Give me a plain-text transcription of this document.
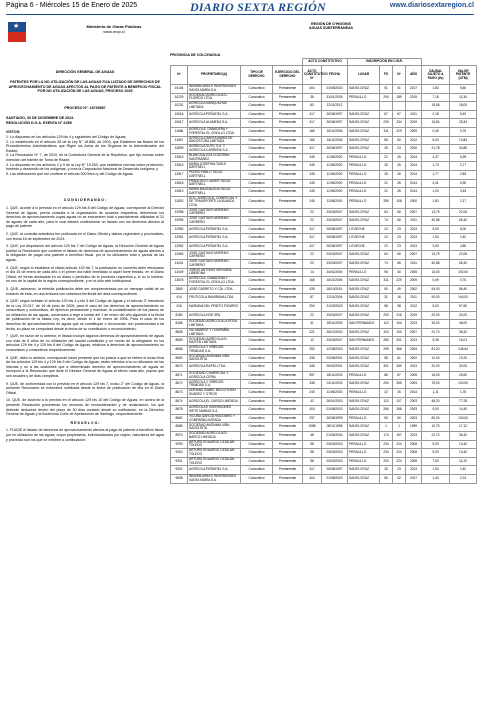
Página 6 - Miércoles 15 de Enero de 2025	DIARIO SEXTA REGIÓN	www.diariosextaregion.cl
★	Ministerio de Obras Públicas
www.mop.cl
DIRECCIÓN GENERAL DE AGUAS
PATENTES POR LA NO UTILIZACIÓN DE LAS AGUAS FIJA LISTADO DE DERECHOS DE APROVECHAMIENTO DE AGUAS AFECTOS AL PAGO DE PATENTE A BENEFICIO FISCAL POR NO UTILIZACIÓN DE LAS AGUAS, PROCESO 2025
PROCESO N°: 18735987
SANTIAGO, 30 DE DICIEMBRE DE 2024.
RESOLUCIÓN D.G.A. EXENTA N° 4155/
VISTOS:
1. Lo dispuesto en los artículos 129 bis 4 y siguientes del Código de Aguas;
2. Lo establecido en el artículo 25 de la Ley N° 18.880, de 2003, que Establece las Bases de los Procedimientos Administrativos que Rigen los Actos de los Órganos de la Administración del Estado;
3. La Resolución N° 7, de 2019, de la Contraloría General de la República, que fija normas sobre exención del trámite de Toma de Razón;
4. Lo dispuesto en los artículos 2 y 9 de la Ley N° 19.253, que establece normas sobre protección, fomento y desarrollo de los indígenas, y crea la Corporación Nacional de Desarrollo Indígena; y
5. Las atribuciones que me confiere el artículo 300 letra c) del Código de Aguas.
C O N S I D E R A N D O :
1. QUE, acorde a lo previsto en el artículo 129 bis 8 del Código de Aguas, corresponde al Director General de Aguas, previa consulta a la organización de usuarios respectiva, determinar los derechos de aprovechamiento cuyas aguas no se encuentren total o parcialmente utilizadas al 31 de agosto de cada año, para lo cual deberá confeccionar un listado con los derechos afectos al pago de patente.
2. QUE, la consulta antedicha fue publicada en el Diario Oficial y diarios regionales y provinciales, con fecha 16 de septiembre de 2024.
3. QUE, por disposición del artículo 129 bis 7 del Código de Aguas, la Dirección General de Aguas publicó la Resolución que contiene el listado de derechos de aprovechamiento de aguas afectos a la obligación de pagar una patente a beneficio fiscal, por la no utilización total o parcial de las aguas.
4. QUE, según lo establece el citado artículo 129 bis 7, la publicación en comento debe efectuarse el día 15 de enero de cada año o el primer día hábil inmediato si aquél fuere feriado, en el Diario Oficial, en forma destacada en un diario o periódico de la provincia respectiva y, si no lo hubiere, en uno de la capital de la región correspondiente, y en el sitio web institucional.
5. QUE, asimismo, la referida publicación debe ser complementada por un mensaje radial de un extracto de ésta, en una emisora con cobertura territorial del área correspondiente.
6. QUE, según señalan el artículo 129 bis 4 y bis 5 del Código de Aguas y el artículo 3° transitorio de la Ley 20.017, de 16 de junio de 2005, para el caso de los derechos de aprovechamiento no consuntivos y consuntivos, de ejercicio permanente y eventual, la contabilización de los plazos de no utilización de las aguas, comenzará a regir a contar del 1 de enero del año siguiente a la fecha de publicación de la citada Ley, es decir, desde el 1 de enero de 2006. Para el caso de los derechos de aprovechamiento de aguas que se constituyan o reconozcan con posterioridad a tal fecha, su plazo se computará desde la fecha de su constitución o reconocimiento.
7. QUE, en razón de lo anterior, el listado incluye algunos derechos de aprovechamiento de aguas con más de 5 años de no utilización del caudal constituido y un monto de la obligación en los artículos 129 bis 4 y 129 bis 5 del Código de Aguas, relativos a derechos de aprovechamiento no consuntivos y consuntivos respectivamente.
8. QUE, dicho lo anterior, corresponde hacer presente que los plazos a que se refiere el inciso final de los artículos 129 bis 4 y 129 bis 5 del Código de Aguas, están referidos a la no utilización de las mismas y no a las ocasiones que a determinado derecho de aprovechamiento de aguas se incorporó a la Resolución que dicte el Director General de Aguas al efecto cada año, plazos que son anuales y de días completos.
9. QUE, de conformidad con lo previsto en el artículo 129 bis 7, inciso 2° del Código de Aguas, la presente Resolución se entenderá notificada desde la fecha de publicación de ella en el Diario Oficial.
10. QUE, de acuerdo a lo previsto en el artículo 129 bis 10 del Código de Aguas, en contra de la presente Resolución procederán los recursos de reconsideración y de reclamación, los que deberán deducirse dentro del plazo de 30 días contado desde su notificación, en la Dirección General de Aguas y la Ilustrísima Corte de Apelaciones de Santiago, respectivamente.
R E S U E L V O :
1. FÍJASE el listado de derechos de aprovechamiento afectos al pago de patente a beneficio fiscal, por no utilización de las aguas, cuyos propietarios, individualizados por región, naturaleza del agua y provincia son los que se exhiben a continuación:
REGIÓN DE O'HIGGINS
AGUAS SUBTERRÁNEAS
PROVINCIA DE COLCHAGUA
				ACTO CONSTITUTIVO		INSCRIPCIÓN EN C.B.R.					
Nº	PROPIETARIO(A)	TIPO DE DERECHO	EJERCICIO DEL DERECHO	ACTO CONSTITUTIVO Nº	FECHA	LUGAR	FS	Nº	AÑO	CAUDAL SUJETO A PAGO (l/s)	VALOR PATENTE (UTM)
10104	INMOBILIARIA E INVERSIONES SANTA MARÍA S.A.	Consuntivo	Permanente	404	01/08/2003	SANTA CRUZ	51	41	2017	1,80	5,60
10229	SOCIEDAD AGRÍCOLA EL FLORIDO LTDA.	Consuntivo	Permanente	36	31/01/2005	PERALILLO	294	189	2015	7,18	11,34
10231	AGRÍCOLA NANQUILHUE LIMITADA	Consuntivo	Permanente	83	12/11/2012					15,58	18,00
10616	AGRÍCOLA PEÑAFIEL S.A.	Consuntivo	Permanente	417	26/08/1997	SANTA CRUZ	67	67	2011	2,18	5,49
10617	AGRÍCOLA ALAMEDA S.A.	Consuntivo	Permanente	417	26/08/1997	SANTA CRUZ	239	234	2019	15,84	25,34
11666	AGRÍCOLA, GANADERA Y FORESTAL EL CRIOLLO LTDA.	Consuntivo	Permanente	166	16/11/2006	SANTA CRUZ	311	229	2009	0,49	0,76
11567	AGRÍCOLA SANTA MARÍA DE ANGOSTURA LIMITADA	Consuntivo	Permanente	166	16/11/2006	SANTA CRUZ	85	60	2012	6,00	10,84
12809	AGRÍCOLA SUTIL S.A. Y AGRÍCOLA CARRERA S.A.	Consuntivo	Permanente	417	26/08/1997	SANTA CRUZ	25	24	2020	21,78	34,85
12815	BLANCA ALICIA CODORNA SANTIBÁÑEZ	Consuntivo	Permanente	245	11/06/2000	PERALILLO	22	26	2014	4,37	6,99
12816	MARÍA JOSEFINA TAGLE DARTNELL	Consuntivo	Permanente	245	11/06/2000	PERALILLO	25	26	2014	1,73	2,77
12817	PEDRO PABLO TAGLE DARTNELL	Consuntivo	Permanente	245	11/06/2000	PERALILLO	25	26	2014	1,77	2,83
12818	FRANCISCO JAVIER TAGLE DARTNELL	Consuntivo	Permanente	245	11/06/2000	PERALILLO	22	26	2014	4,31	6,90
12819	MARÍA MAGDALENA TAGLE DARTNELL	Consuntivo	Permanente	245	11/06/2000	PERALILLO	22	26	2014	1,20	3,53
12820	SOC. AGRÍCOLA, COMERCIAL Y DE TRANSPORTE LA BLANCA LTDA.	Consuntivo	Permanente	245	11/06/2000	PERALILLO	289	108	2000	1,82	2,17
12958	JOSÉ GUSTAVO MORENO CARREÑO	Consuntivo	Permanente	22	23/03/2007	SANTA CRUZ	64	66	2007	13,79	22,06
12959	JOSÉ GUSTAVO MORENO CARREÑO	Consuntivo	Permanente	22	23/03/2007	SANTA CRUZ	74	66	2011	40,88	65,40
12960	AGRÍCOLA PEÑAFIEL S.A.	Consuntivo	Permanente	417	26/08/1997	LITUECHE	23	23	2013	5,00	8,00
12961	AGRÍCOLA PEÑAFIEL S.A.	Consuntivo	Permanente	417	26/08/1997	LITUECHE	23	23	2013	1,50	2,40
12962	AGRÍCOLA PEÑAFIEL S.A.	Consuntivo	Permanente	417	26/08/1997	LITUECHE	23	23	2013	3,00	4,80
12963	JOSÉ GUSTAVO MORENO CARREÑO	Consuntivo	Permanente	22	23/03/2007	SANTA CRUZ	64	66	2007	13,79	22,06
13441	JOSÉ GUSTAVO MORENO CARREÑO	Consuntivo	Permanente	22	23/03/2007	SANTA CRUZ	74	66	2011	40,88	65,40
13449	JORGE ANTONIO VERGARA LIBERONA	Consuntivo	Permanente	14	24/01/2004	PERALILLO	96	40	2005	15,00	192,00
13878	AGRÍCOLA, GANADERA Y FORESTAL EL CRIOLLO LTDA.	Consuntivo	Permanente	166	16/11/2006	SANTA CRUZ	311	229	2009	0,49	0,76
2865	JOSÉ CARRETO Y CÍA. LTDA.	Consuntivo	Permanente	439	18/10/2001	SANTA CRUZ	50	49	2002	54,00	86,40
414	FRUTICOLA RAMIRANA LTDA.	Consuntivo	Permanente	87	12/11/2004	SANTA CRUZ	31	16	2011	90,00	144,00
416	MARIANA DEL PRIETO PIZARRO	Consuntivo	Permanente	254	21/03/2003	SANTA CRUZ	58	58	2012	5,00	57,60
8180	AGRÍCOLA HGE SPA.	Consuntivo	Permanente	22	23/03/2007	SANTA CRUZ	292	216	2019	20,00	32,00
8186	SOCIEDAD AGRÍCOLA LA ROSA LIMITADA	Consuntivo	Permanente	31	18/11/2009	SAN FERNANDO	113	104	2013	30,00	48,00
8658	VIU MANENT Y COMPAÑÍA LIMITADA	Consuntivo	Permanente	221	26/12/2000	SANTA CRUZ	103	100	2007	22,70	36,32
8659	SOCIEDAD AGRÍCOLA EL MAITÉN LIMITADA	Consuntivo	Permanente	12	23/03/2007	SAN FERNANDO	283	301	2013	9,38	15,01
8668	AGRÍCOLA Y VIÑEDOS TRINIDAD S.A.	Consuntivo	Permanente	252	12/08/2003	SANTA CRUZ	295	366	2004	81,20	136,64
8669	SOCIEDAD ANÓNIMA VIÑA SANTA RITA	Consuntivo	Permanente	338	02/08/2001	SANTA CRUZ	58	61	2002	12,00	19,20
8670	AGRÍCOLA RAPEL LTDA.	Consuntivo	Permanente	348	26/02/2001	SANTA CRUZ	301	269	2013	20,00	32,00
8671	SOCIEDAD COMERCIAL Y AGRÍCOLA CEPAL	Consuntivo	Permanente	597	18/11/2003	PERALILLO	86	87	2005	16,00	25,60
8672	AGRÍCOLA Y VIÑEDOS TRINIDAD S.A.	Consuntivo	Permanente	338	01/11/2003	SANTA CRUZ	294	265	2004	75,00	120,00
8673	ADRIANA ISABEL BEZCZYNSKI SUÁREZ Y OTROS	Consuntivo	Permanente	245	11/06/2003	PERALILLO	22	26	2014	1,11	1,78
8674	AGRÍCOLA EL CARDO LIMITADA	Consuntivo	Permanente	42	26/01/2003	SANTA CRUZ	113	107	2003	48,20	77,28
8678	AGRÍCOLA E INVERSIONES SIETE MARÍAS S.A.	Consuntivo	Permanente	404	01/08/2003	SANTA CRUZ	266	266	2003	9,00	14,40
8682	VICUÑA GARCÍA HUIDOBRO Y COMPAÑÍA LIMITADA	Consuntivo	Permanente	297	26/08/1999	PERALILLO	50	50	2003	80,00	130,00
8685	SOCIEDAD ANÓNIMA VIÑA SANTA RITA	Consuntivo	Permanente	1088	08/11/1998	SANTA CRUZ	1	1	1999	10,70	17,12
8970	SOCIEDAD AGRÍCOLA EL BARCO LIMITADA	Consuntivo	Permanente	48	01/06/2004	SANTA CRUZ	174	157	2013	22,70	36,32
9299	ARTURO EDUARDO CATALÁN TOLEDO	Consuntivo	Permanente	58	03/03/2003	PERALILLO	234	224	2008	9,00	14,40
9300	ARTURO EDUARDO CATALÁN TOLEDO	Consuntivo	Permanente	58	03/03/2003	PERALILLO	234	224	2008	9,00	14,40
9301	ARTURO EDUARDO CATALÁN TOLEDO	Consuntivo	Permanente	58	03/03/2003	PERALILLO	234	224	2008	7,00	11,20
9302	AGRÍCOLA PEÑAFIEL S.A.	Consuntivo	Permanente	417	26/08/1997	SANTA CRUZ	25	23	2013	1,50	2,40
9838	INMOBILIARIA E INVERSIONES SANTA MARÍA S.A.	Consuntivo	Permanente	404	01/08/2003	SANTA CRUZ	56	42	2017	1,40	2,24
